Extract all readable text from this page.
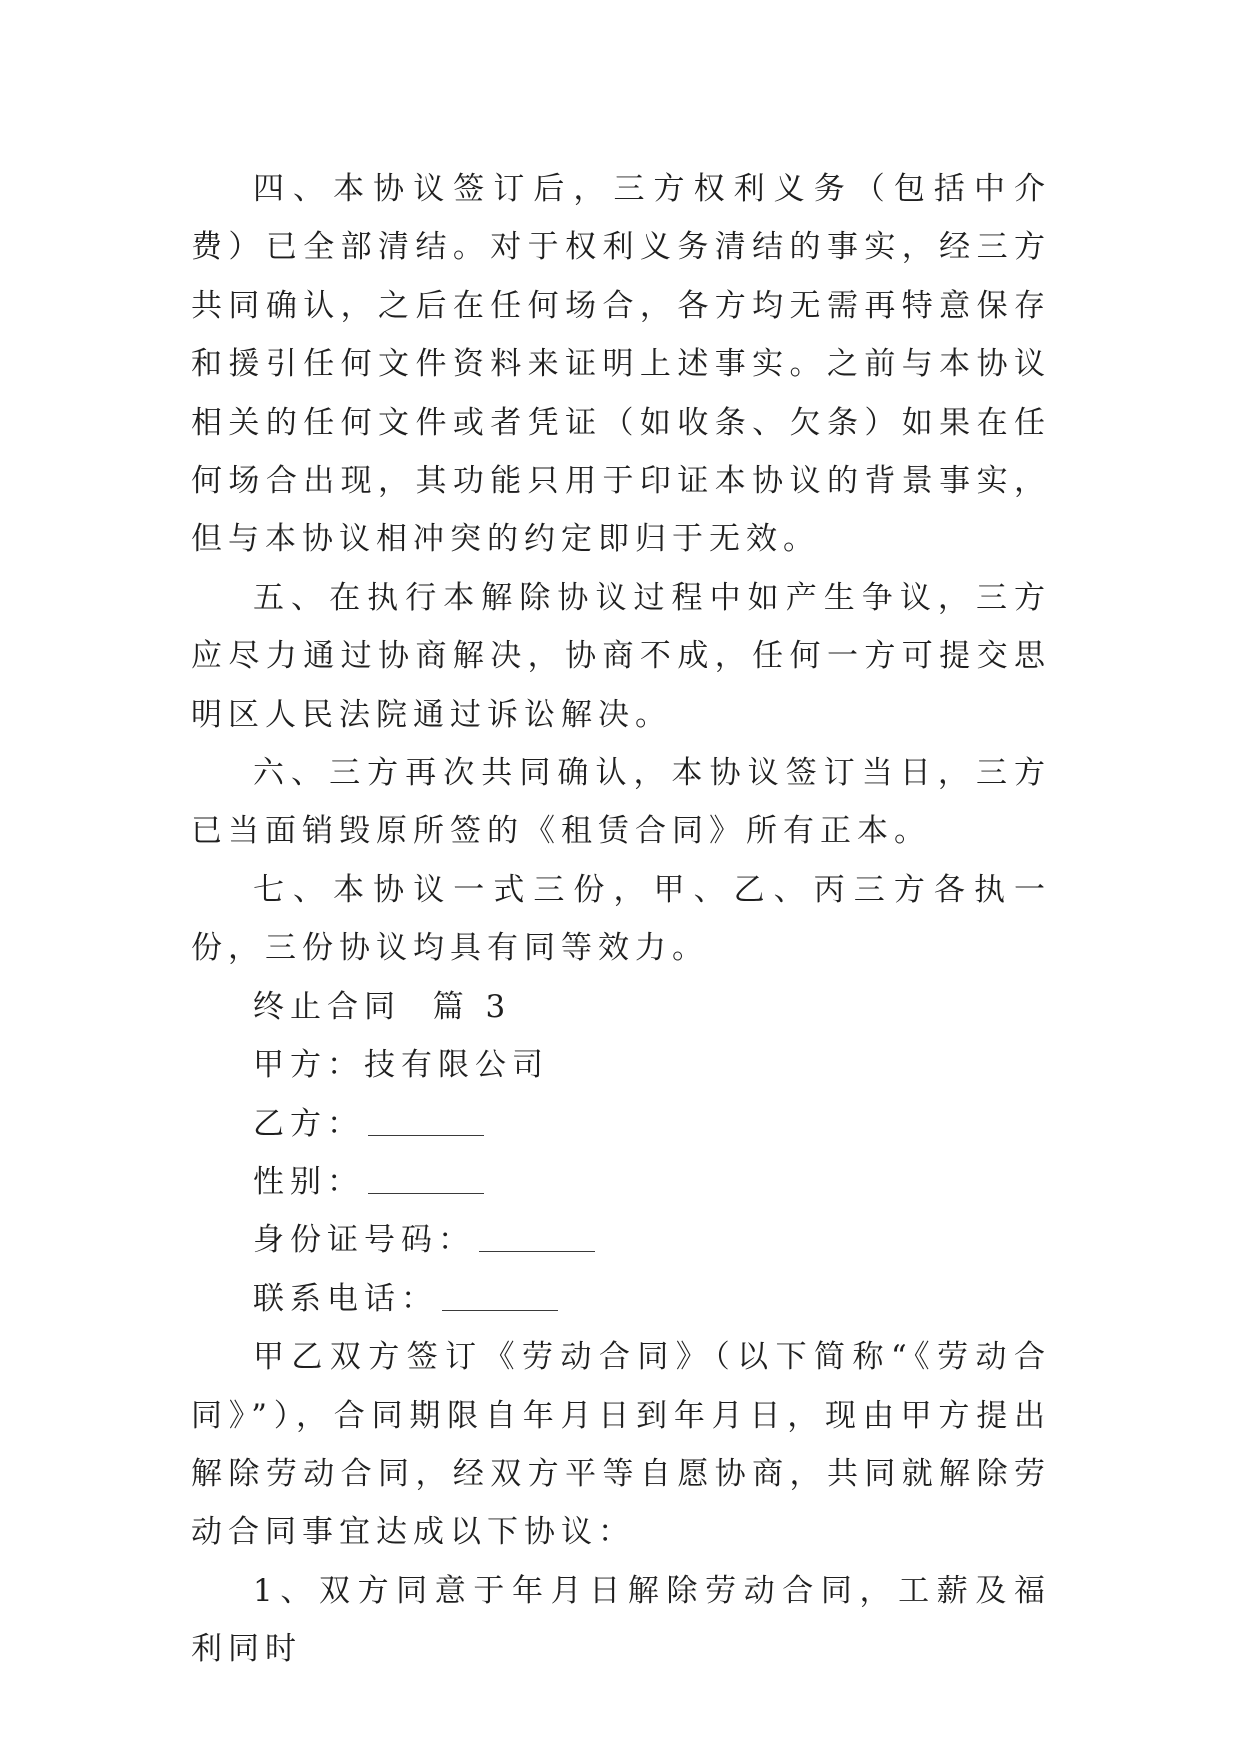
四、本协议签订后，三方权利义务（包括中介费）已全部清结。对于权利义务清结的事实，经三方共同确认，之后在任何场合，各方均无需再特意保存和援引任何文件资料来证明上述事实。之前与本协议相关的任何文件或者凭证（如收条、欠条）如果在任何场合出现，其功能只用于印证本协议的背景事实，但与本协议相冲突的约定即归于无效。

五、在执行本解除协议过程中如产生争议，三方应尽力通过协商解决，协商不成，任何一方可提交思明区人民法院通过诉讼解决。

六、三方再次共同确认，本协议签订当日，三方已当面销毁原所签的《租赁合同》所有正本。

七、本协议一式三份，甲、乙、丙三方各执一份，三份协议均具有同等效力。

终止合同  篇 3

甲方：技有限公司

乙方：

性别：

身份证号码：

联系电话：

甲乙双方签订《劳动合同》（以下简称“《劳动合同》”），合同期限自年月日到年月日，现由甲方提出解除劳动合同，经双方平等自愿协商，共同就解除劳动合同事宜达成以下协议：

1、双方同意于年月日解除劳动合同，工薪及福利同时
